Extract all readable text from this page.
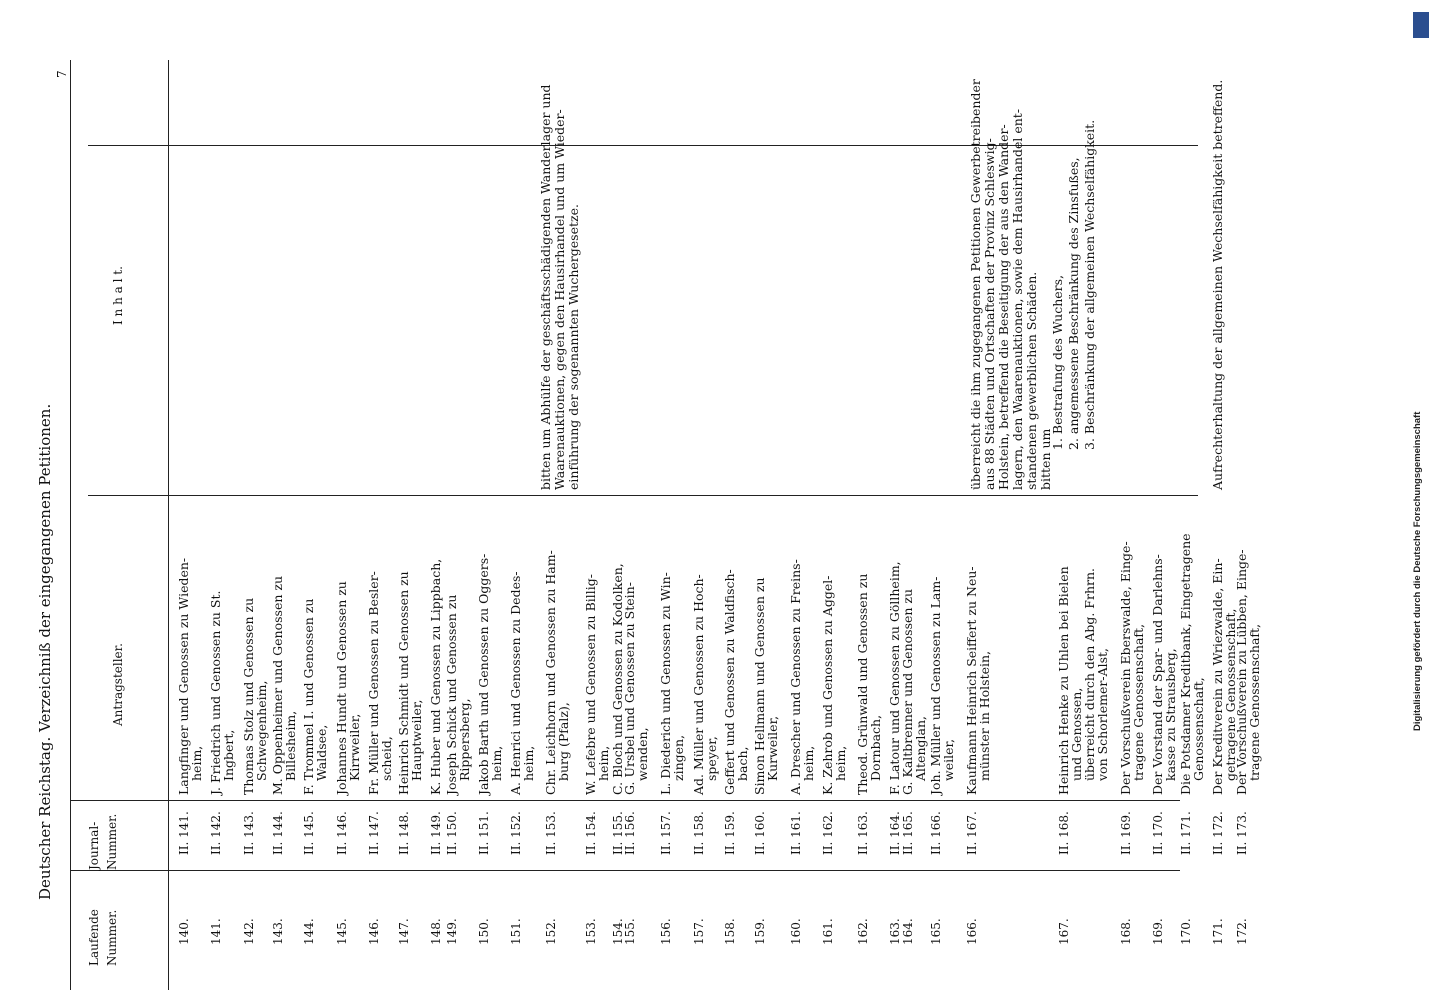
Deutscher Reichstag. Verzeichniß der eingegangenen Petitionen.
7
Laufende Nummer.
Journal- Nummer.
Antragsteller.
I n h a l t.
140.
II. 141.
Langfinger und Genossen zu Wieden-
heim,
141.
II. 142.
J. Friedrich und Genossen zu St.
Ingbert,
142.
II. 143.
Thomas Stolz und Genossen zu
Schwegenheim,
143.
II. 144.
M. Oppenheimer und Genossen zu
Billesheim,
144.
II. 145.
F. Trommel I. und Genossen zu
Waldsee,
145.
II. 146.
Johannes Hundt und Genossen zu
Kirrweiler,
146.
II. 147.
Fr. Müller und Genossen zu Besler-
scheid,
147.
II. 148.
Heinrich Schmidt und Genossen zu
Hauptweiler,
148.
II. 149.
K. Huber und Genossen zu Lippbach,
149.
II. 150.
Joseph Schick und Genossen zu
Rippersberg,
150.
II. 151.
Jakob Barth und Genossen zu Oggers-
heim,
151.
II. 152.
A. Henrici und Genossen zu Dedes-
heim,
152.
II. 153.
Chr. Leichhorn und Genossen zu Ham-
burg (Pfalz),
153.
II. 154.
W. Lefebre und Genossen zu Billig-
heim,
154.
II. 155.
C. Bloch und Genossen zu Kodolken,
155.
II. 156.
G. Ursbel und Genossen zu Stein-
wenden,
156.
II. 157.
L. Diederich und Genossen zu Win-
zingen,
157.
II. 158.
Ad. Müller und Genossen zu Hoch-
speyer,
158.
II. 159.
Geffert und Genossen zu Waldfisch-
bach,
159.
II. 160.
Simon Hellmann und Genossen zu
Kurweiler,
160.
II. 161.
A. Drescher und Genossen zu Freins-
heim,
161.
II. 162.
K. Zehrob und Genossen zu Aggel-
heim,
162.
II. 163.
Theod. Grünwald und Genossen zu
Dornbach,
163.
II. 164.
F. Latour und Genossen zu Göllheim,
164.
II. 165.
G. Kaltbrenner und Genossen zu
Altenglan,
165.
II. 166.
Joh. Müller und Genossen zu Lam-
weiler,
166.
II. 167.
Kaufmann Heinrich Seiffert zu Neu-
münster in Holstein,
167.
II. 168.
Heinrich Henke zu Uhlen bei Bielen
und Genossen,
überreicht durch den Abg. Frhrn.
von Schorlemer-Alst,
168.
II. 169.
Der Vorschußverein Eberswalde, Einge-
tragene Genossenschaft,
169.
II. 170.
Der Vorstand der Spar- und Darlehns-
kasse zu Strausberg,
170.
II. 171.
Die Potsdamer Kreditbank, Eingetragene
Genossenschaft,
171.
II. 172.
Der Kreditverein zu Wriezwalde, Ein-
getragene Genossenschaft,
172.
II. 173.
Der Vorschußverein zu Lübben, Einge-
tragene Genossenschaft,
bitten um Abhülfe der geschäftsschädigenden Wanderlager und Waarenauktionen, gegen den Hausirhandel und um Wieder- einführung der sogenannten Wuchergesetze.	überreicht die ihm zugegangenen Petitionen Gewerbetreibender aus 88 Städten und Ortschaften der Provinz Schleswig- Holstein, betreffend die Beseitigung der aus den Wander- lagern, den Waarenauktionen, sowie dem Hausirhandel ent- standenen gewerblichen Schäden. bitten um
1. Bestrafung des Wuchers, 2. angemessene Beschränkung des Zinsfußes, 3. Beschränkung der allgemeinen Wechselfähigkeit.	Aufrechterhaltung der allgemeinen Wechselfähigkeit betreffend.
Digitalisierung gefördert durch die Deutsche Forschungsgemeinschaft
